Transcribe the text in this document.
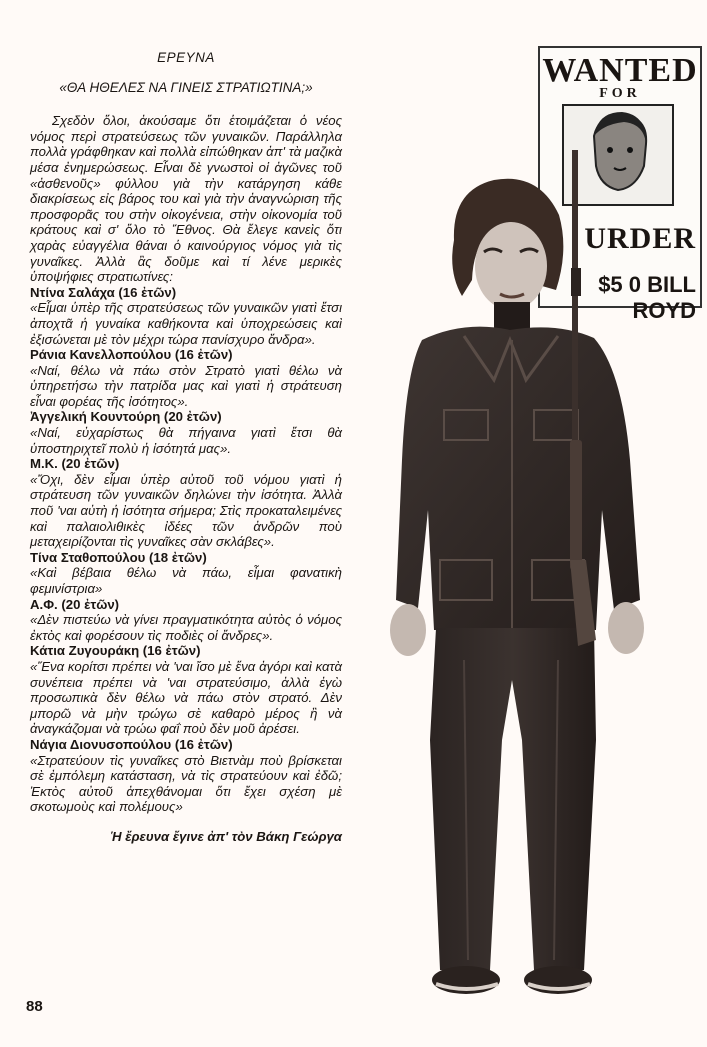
ΕΡΕΥΝΑ

«ΘΑ ΗΘΕΛΕΣ ΝΑ ΓΙΝΕΙΣ ΣΤΡΑΤΙΩΤΙΝΑ;»

Σχεδὸν ὅλοι, ἀκούσαμε ὅτι ἑτοιμάζεται ὁ νέος νόμος περὶ στρατεύσεως τῶν γυναικῶν. Παράλληλα πολλὰ γράφθηκαν καὶ πολλὰ εἰπώθηκαν ἀπ' τὰ μαζικὰ μέσα ἐνημερώσεως. Εἶναι δὲ γνωστοὶ οἱ ἀγῶνες τοῦ «ἀσθενοῦς» φύλλου γιὰ τὴν κατάργηση κάθε διακρίσεως εἰς βάρος του καὶ γιὰ τὴν ἀναγνώριση τῆς προσφορᾶς του στὴν οἰκογένεια, στὴν οἰκονομία τοῦ κράτους καὶ σ' ὅλο τὸ Ἔθνος. Θὰ ἔλεγε κανεὶς ὅτι χαρὰς εὐαγγέλια θάναι ὁ καινούργιος νόμος γιὰ τὶς γυναῖκες. Ἀλλὰ ἂς δοῦμε καὶ τί λένε μερικὲς ὑποψήφιες στρατιωτίνες:

Ντίνα Σαλάχα (16 ἐτῶν)

«Εἶμαι ὑπὲρ τῆς στρατεύσεως τῶν γυναικῶν γιατὶ ἔτσι ἀποχτᾶ ἡ γυναίκα καθήκοντα καὶ ὑποχρεώσεις καὶ ἐξισώνεται μὲ τὸν μέχρι τώρα πανίσχυρο ἄνδρα».

Ράνια Κανελλοπούλου (16 ἐτῶν)

«Ναί, θέλω νὰ πάω στὸν Στρατὸ γιατὶ θέλω νὰ ὑπηρετήσω τὴν πατρίδα μας καὶ γιατὶ ἡ στράτευση εἶναι φορέας τῆς ἰσότητος».

Ἀγγελική Κουντούρη (20 ἐτῶν)

«Ναί, εὐχαρίστως θὰ πήγαινα γιατὶ ἔτσι θὰ ὑποστηριχτεῖ πολὺ ἡ ἰσότητά μας».

Μ.Κ. (20 ἐτῶν)

«Ὄχι, δὲν εἶμαι ὑπὲρ αὐτοῦ τοῦ νόμου γιατὶ ἡ στράτευση τῶν γυναικῶν δηλώνει τὴν ἰσότητα. Ἀλλὰ ποῦ 'ναι αὐτὴ ἡ ἰσότητα σήμερα; Στὶς προκαταλειμένες καὶ παλαιολιθικὲς ἰδέες τῶν ἀνδρῶν ποὺ μεταχειρίζονται τὶς γυναῖκες σὰν σκλάβες».

Τίνα Σταθοπούλου (18 ἐτῶν)

«Καὶ βέβαια θέλω νὰ πάω, εἶμαι φανατικὴ φεμινίστρια»

Α.Φ. (20 ἐτῶν)

«Δὲν πιστεύω νὰ γίνει πραγματικότητα αὐτὸς ὁ νόμος ἐκτὸς καὶ φορέσουν τὶς ποδιὲς οἱ ἄνδρες».

Κάτια Ζυγουράκη (16 ἐτῶν)

«Ἕνα κορίτσι πρέπει νὰ 'ναι ἴσο μὲ ἕνα ἀγόρι καὶ κατὰ συνέπεια πρέπει νὰ 'ναι στρατεύσιμο, ἀλλὰ ἐγὼ προσωπικὰ δὲν θέλω νὰ πάω στὸν στρατό. Δὲν μπορῶ νὰ μὴν τρώγω σὲ καθαρὸ μέρος ἢ νὰ ἀναγκάζομαι νὰ τρώω φαΐ ποὺ δὲν μοῦ ἀρέσει.

Νάγια Διονυσοπούλου (16 ἐτῶν)

«Στρατεύουν τὶς γυναῖκες στὸ Βιετνὰμ ποὺ βρίσκεται σὲ ἐμπόλεμη κατάσταση, νὰ τὶς στρατεύουν καὶ ἐδῶ; Ἐκτὸς αὐτοῦ ἀπεχθάνομαι ὅτι ἔχει σχέση μὲ σκοτωμοὺς καὶ πολέμους»

Ἡ ἔρευνα ἔγινε ἀπ' τὸν Βάκη Γεώργα

88
WANTED
FOR
URDER
$5 0 BILL ROYD
